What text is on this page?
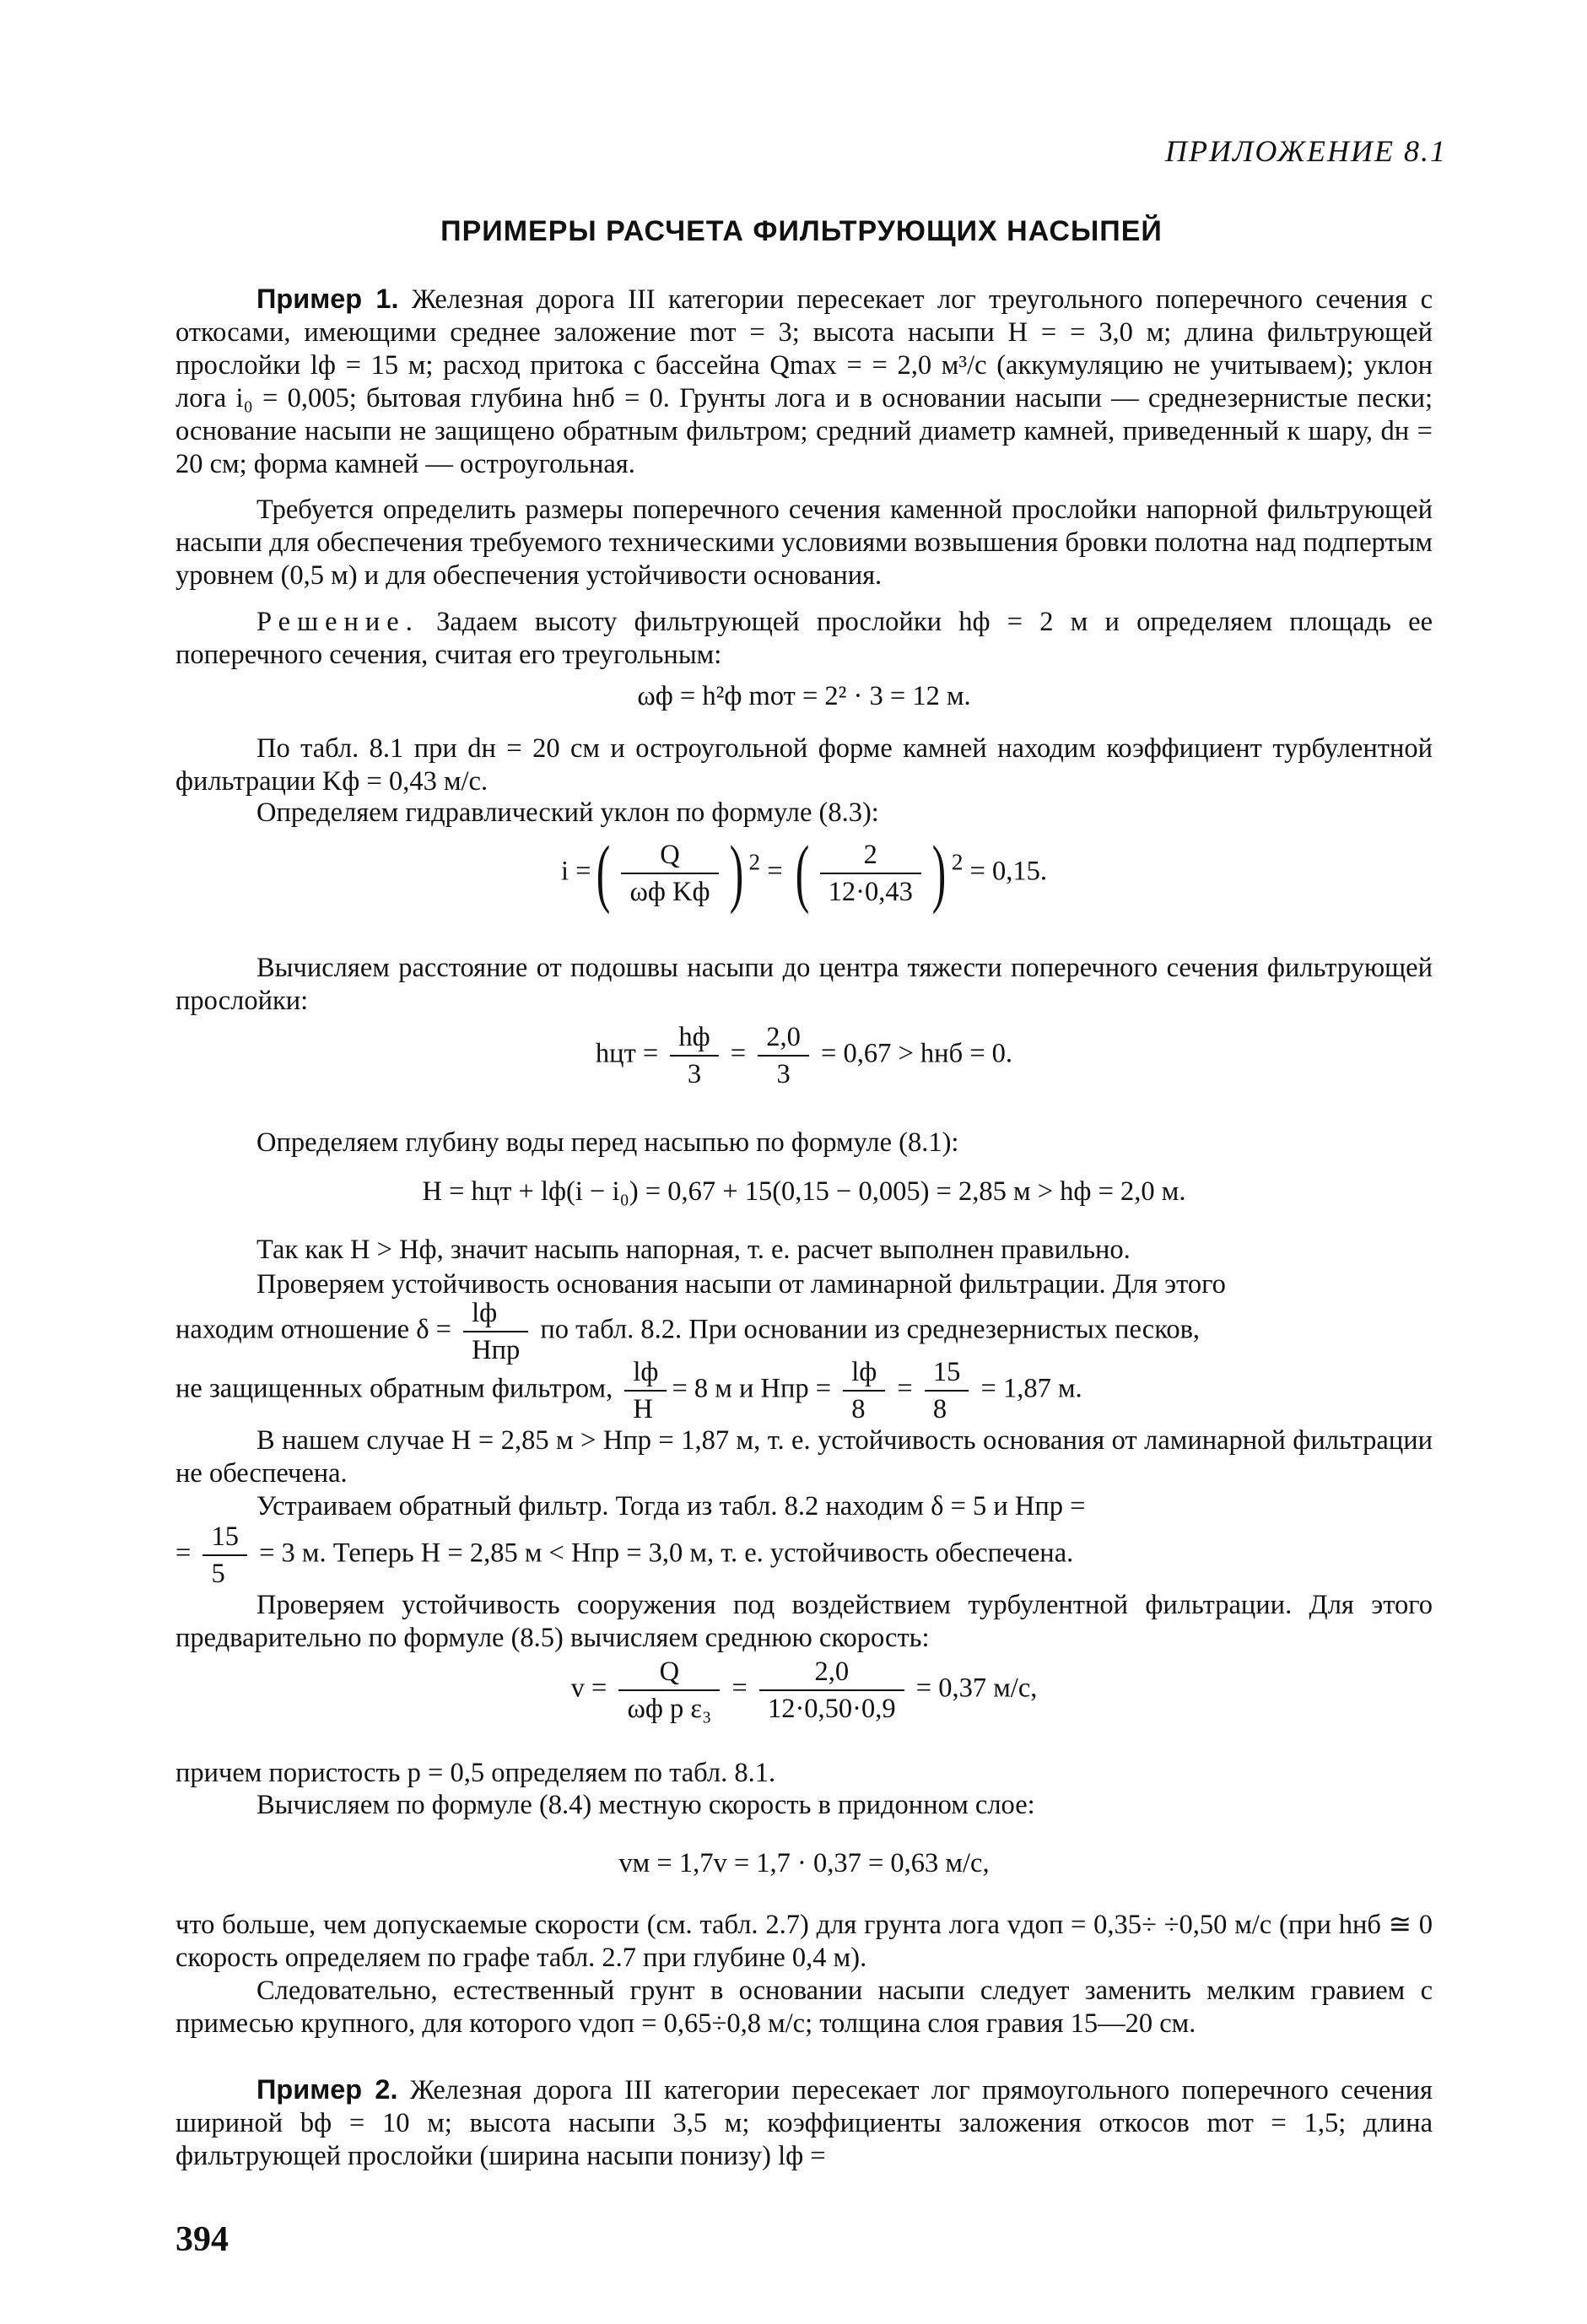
ПРИЛОЖЕНИЕ 8.1
ПРИМЕРЫ РАСЧЕТА ФИЛЬТРУЮЩИХ НАСЫПЕЙ

Пример 1. Железная дорога III категории пересекает лог треугольного поперечного сечения с откосами, имеющими среднее заложение mот = 3; высота насыпи H = = 3,0 м; длина фильтрующей прослойки lф = 15 м; расход притока с бассейна Qmax = = 2,0 м³/с (аккумуляцию не учитываем); уклон лога i₀ = 0,005; бытовая глубина hнб = 0. Грунты лога и в основании насыпи — среднезернистые пески; основание насыпи не защищено обратным фильтром; средний диаметр камней, приведенный к шару, dн = 20 см; форма камней — остроугольная.

Требуется определить размеры поперечного сечения каменной прослойки напорной фильтрующей насыпи для обеспечения требуемого техническими условиями возвышения бровки полотна над подпертым уровнем (0,5 м) и для обеспечения устойчивости основания.

Решение. Задаем высоту фильтрующей прослойки hф = 2 м и определяем площадь ее поперечного сечения, считая его треугольным:

ωф = h²ф mот = 2² · 3 = 12 м.

По табл. 8.1 при dн = 20 см и остроугольной форме камней находим коэффициент турбулентной фильтрации Kф = 0,43 м/с.

Определяем гидравлический уклон по формуле (8.3):

i =( $\frac{Q}{\text{ωф Kф}}$ ) $^2$ = ( $\frac{2}{12\cdot 0,43}$ ) $^2$ = 0,15.

Вычисляем расстояние от подошвы насыпи до центра тяжести поперечного сечения фильтрующей прослойки:

hцт = $\frac{hф}{3} = \frac{2,0}{3} = 0,67$ > hнб = 0.

Определяем глубину воды перед насыпью по формуле (8.1):

H = hцт + lф(i − i₀) = 0,67 + 15(0,15 − 0,005) = 2,85 м > hф = 2,0 м.

Так как H > Hф, значит насыпь напорная, т. е. расчет выполнен правильно.

Проверяем устойчивость основания насыпи от ламинарной фильтрации. Для этого

находим отношение $\delta = \frac{lф}{\text{Hпр}}$ по табл. 8.2. При основании из среднезернистых песков,
не защищенных обратным фильтром, $\frac{lф}{H} = 8$ м и Hпр = $\frac{lф}{8} = \frac{15}{8} = 1,87$ м.

В нашем случае H = 2,85 м > Hпр = 1,87 м, т. е. устойчивость основания от ламинарной фильтрации не обеспечена.

Устраиваем обратный фильтр. Тогда из табл. 8.2 находим δ = 5 и Hпр =

= $\frac{15}{5} = 3$ м. Теперь H = 2,85 м < Hпр = 3,0 м, т. е. устойчивость обеспечена.

Проверяем устойчивость сооружения под воздействием турбулентной фильтрации. Для этого предварительно по формуле (8.5) вычисляем среднюю скорость:

$v = \frac{Q}{\text{ωф p ε₃}} = \frac{2,0}{12\cdot 0,50\cdot 0,9} = 0,37$ м/с,

причем пористость p = 0,5 определяем по табл. 8.1.

Вычисляем по формуле (8.4) местную скорость в придонном слое:

vм = 1,7v = 1,7 · 0,37 = 0,63 м/с,

что больше, чем допускаемые скорости (см. табл. 2.7) для грунта лога vдоп = 0,35÷ ÷0,50 м/с (при hнб ≅ 0 скорость определяем по графе табл. 2.7 при глубине 0,4 м).

Следовательно, естественный грунт в основании насыпи следует заменить мелким гравием с примесью крупного, для которого vдоп = 0,65÷0,8 м/с; толщина слоя гравия 15—20 см.

Пример 2. Железная дорога III категории пересекает лог прямоугольного поперечного сечения шириной bф = 10 м; высота насыпи 3,5 м; коэффициенты заложения откосов mот = 1,5; длина фильтрующей прослойки (ширина насыпи понизу) lф =

394
